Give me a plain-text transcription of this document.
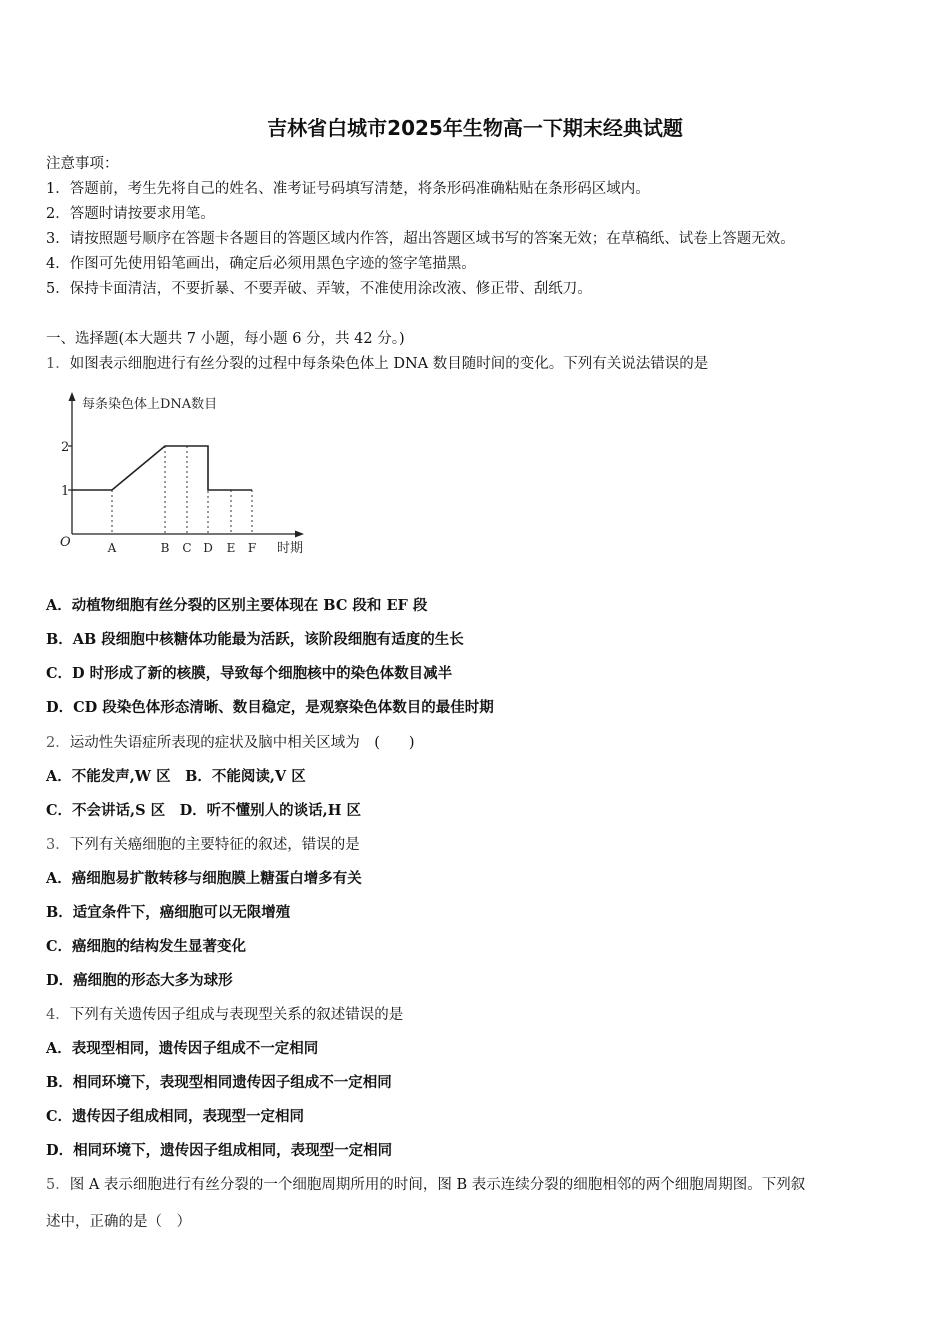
吉林省白城市2025年生物高一下期末经典试题
注意事项：
1．答题前，考生先将自己的姓名、准考证号码填写清楚，将条形码准确粘贴在条形码区域内。
2．答题时请按要求用笔。
3．请按照题号顺序在答题卡各题目的答题区域内作答，超出答题区域书写的答案无效；在草稿纸、试卷上答题无效。
4．作图可先使用铅笔画出，确定后必须用黑色字迹的签字笔描黑。
5．保持卡面清洁，不要折暴、不要弄破、弄皱，不准使用涂改液、修正带、刮纸刀。
一、选择题(本大题共 7 小题，每小题 6 分，共 42 分。)
1．如图表示细胞进行有丝分裂的过程中每条染色体上 DNA 数目随时间的变化。下列有关说法错误的是
每条染色体上DNA数目
时期
O
1
2
A	B C D E F
A．动植物细胞有丝分裂的区别主要体现在 BC 段和 EF 段
B．AB 段细胞中核糖体功能最为活跃，该阶段细胞有适度的生长
C．D 时形成了新的核膜，导致每个细胞核中的染色体数目减半
D．CD 段染色体形态清晰、数目稳定，是观察染色体数目的最佳时期
2．运动性失语症所表现的症状及脑中相关区域为　(　　)
A．不能发声,W 区　B．不能阅读,V 区
C．不会讲话,S 区　D．听不懂别人的谈话,H 区
3．下列有关癌细胞的主要特征的叙述，错误的是
A．癌细胞易扩散转移与细胞膜上糖蛋白增多有关
B．适宜条件下，癌细胞可以无限增殖
C．癌细胞的结构发生显著变化
D．癌细胞的形态大多为球形
4．下列有关遗传因子组成与表现型关系的叙述错误的是
A．表现型相同，遗传因子组成不一定相同
B．相同环境下，表现型相同遗传因子组成不一定相同
C．遗传因子组成相同，表现型一定相同
D．相同环境下，遗传因子组成相同，表现型一定相同
5．图 A 表示细胞进行有丝分裂的一个细胞周期所用的时间，图 B 表示连续分裂的细胞相邻的两个细胞周期图。下列叙
述中，正确的是（　）
